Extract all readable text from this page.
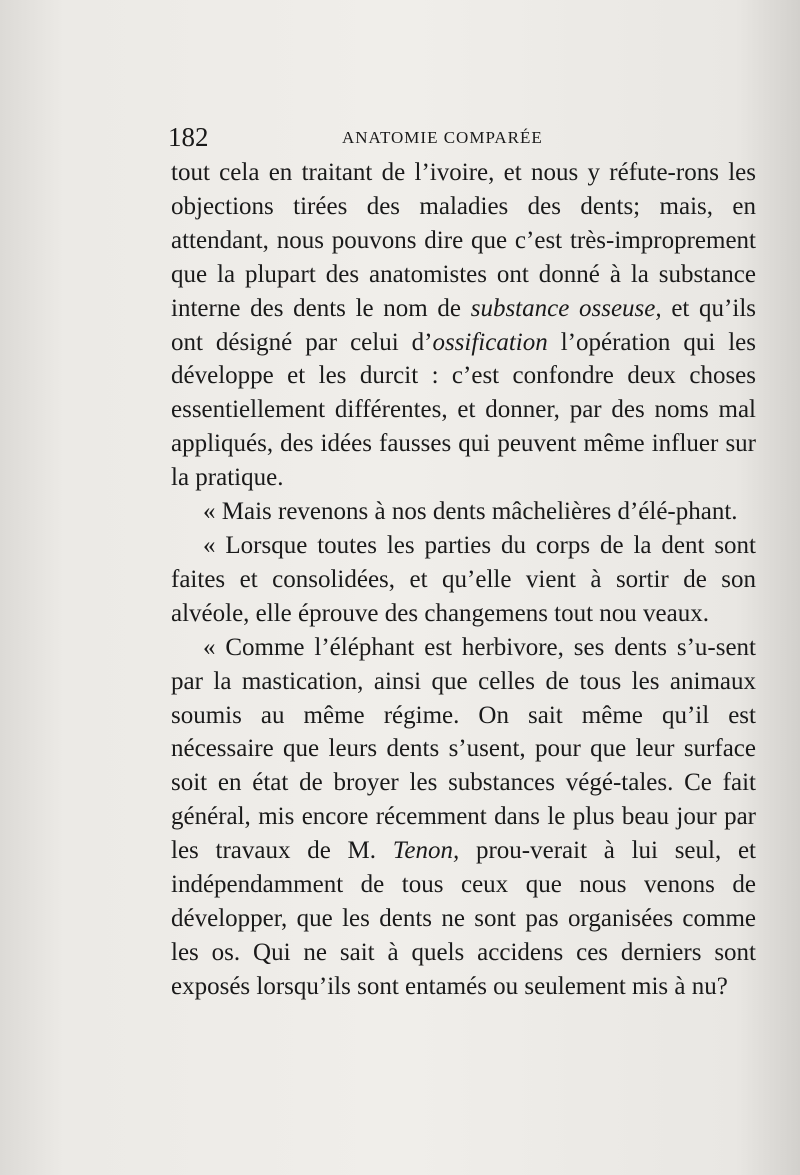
182	ANATOMIE COMPARÉE

tout cela en traitant de l’ivoire, et nous y réfute-rons les objections tirées des maladies des dents; mais, en attendant, nous pouvons dire que c’est très-improprement que la plupart des anatomistes ont donné à la substance interne des dents le nom de substance osseuse, et qu’ils ont désigné par celui d’ossification l’opération qui les développe et les durcit : c’est confondre deux choses essentiellement différentes, et donner, par des noms mal appliqués, des idées fausses qui peuvent même influer sur la pratique.

« Mais revenons à nos dents mâchelières d’élé-phant.

« Lorsque toutes les parties du corps de la dent sont faites et consolidées, et qu’elle vient à sortir de son alvéole, elle éprouve des changemens tout nou veaux.

« Comme l’éléphant est herbivore, ses dents s’u-sent par la mastication, ainsi que celles de tous les animaux soumis au même régime. On sait même qu’il est nécessaire que leurs dents s’usent, pour que leur surface soit en état de broyer les substances végé-tales. Ce fait général, mis encore récemment dans le plus beau jour par les travaux de M. Tenon, prou-verait à lui seul, et indépendamment de tous ceux que nous venons de développer, que les dents ne sont pas organisées comme les os. Qui ne sait à quels accidens ces derniers sont exposés lorsqu’ils sont entamés ou seulement mis à nu?
